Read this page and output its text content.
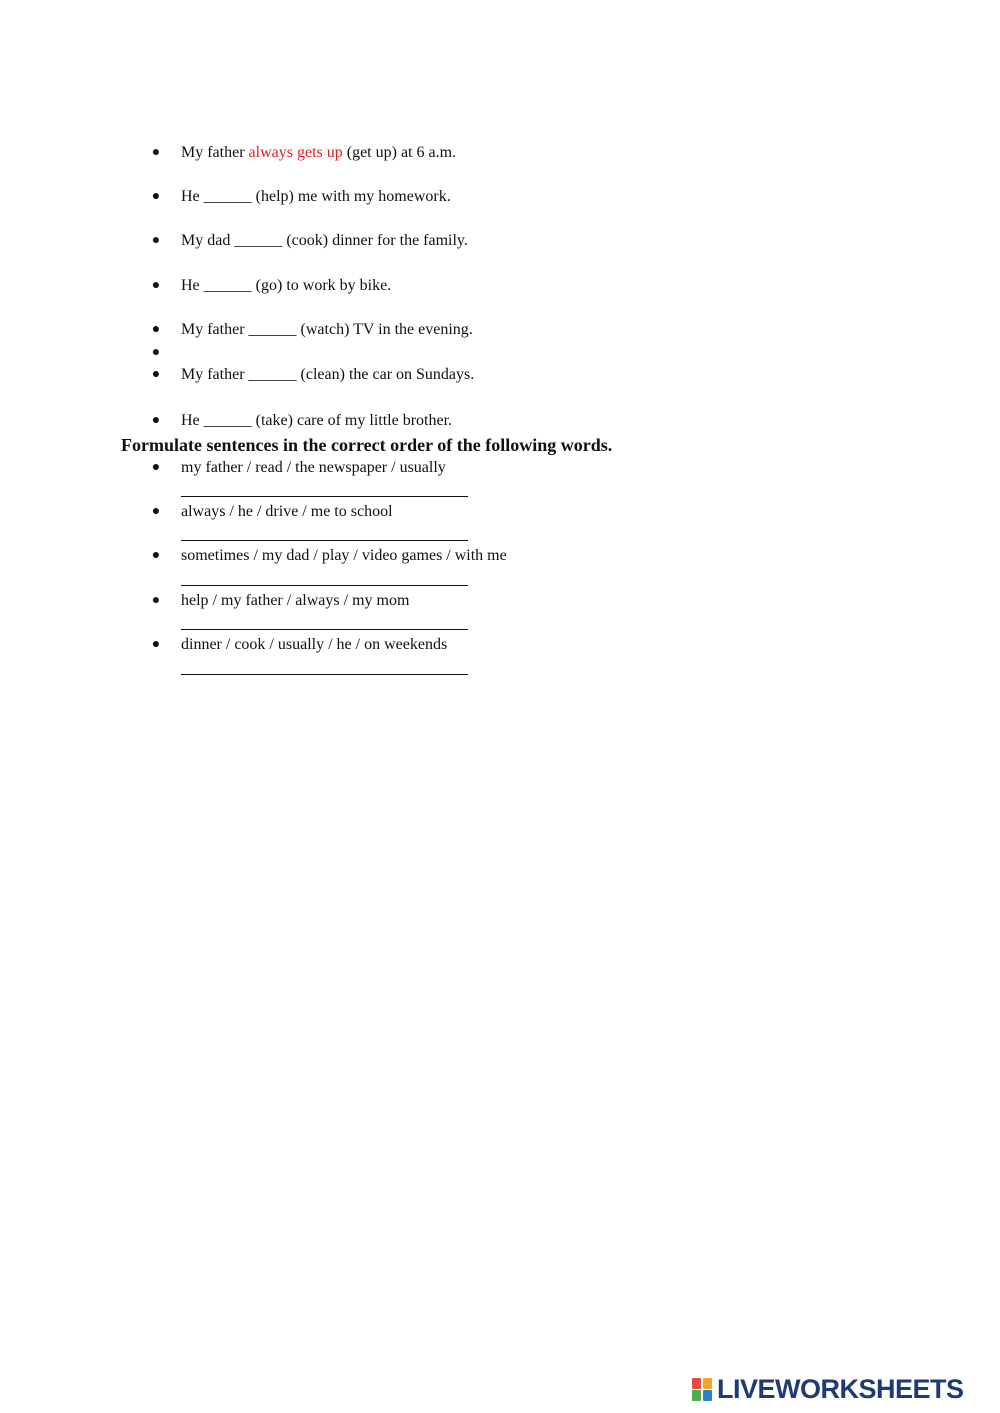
● My father always gets up (get up) at 6 a.m.
● He ______ (help) me with my homework.
● My dad ______ (cook) dinner for the family.
● He ______ (go) to work by bike.
● My father ______ (watch) TV in the evening.
●
● My father ______ (clean) the car on Sundays.
● He ______ (take) care of my little brother.
Formulate sentences in the correct order of the following words.
● my father / read / the newspaper / usually
● always / he / drive / me to school
● sometimes / my dad / play / video games / with me
● help / my father / always / my mom
● dinner / cook / usually / he / on weekends
LIVEWORKSHEETS
